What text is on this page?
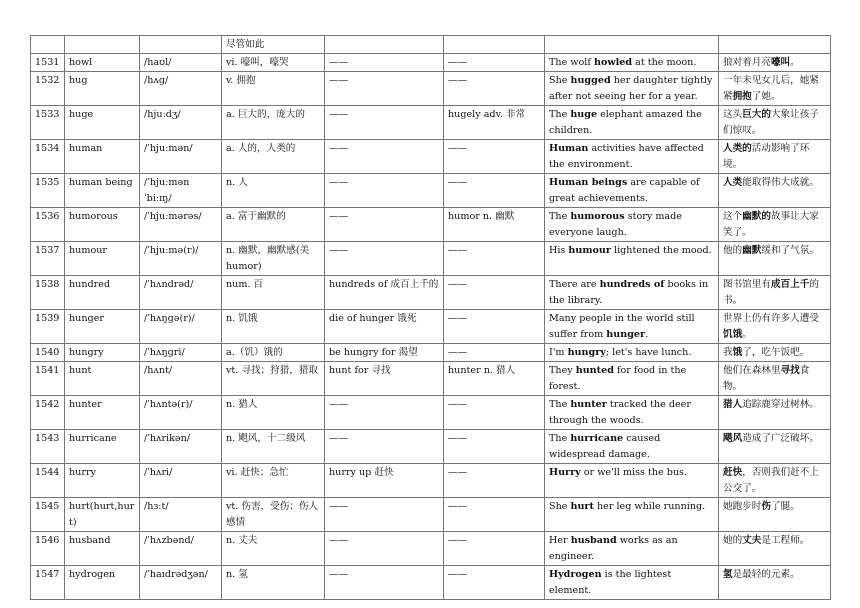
			尽管如此				
1531	howl	/haʊl/	vi. 嚎叫，嚎哭	——	——	The wolf howled at the moon.	狼对着月亮嚎叫。
1532	hug	/hʌɡ/	v. 拥抱	——	——	She hugged her daughter tightly after not seeing her for a year.	一年未见女儿后，她紧紧拥抱了她。
1533	huge	/hjuːdʒ/	a. 巨大的，庞大的	——	hugely adv. 非常	The huge elephant amazed the children.	这头巨大的大象让孩子们惊叹。
1534	human	/ˈhjuːmən/	a. 人的，人类的	——	——	Human activities have affected the environment.	人类的活动影响了环境。
1535	human being	/ˈhjuːmən ˈbiːɪŋ/	n. 人	——	——	Human beings are capable of great achievements.	人类能取得伟大成就。
1536	humorous	/ˈhjuːmərəs/	a. 富于幽默的	——	humor n. 幽默	The humorous story made everyone laugh.	这个幽默的故事让大家笑了。
1537	humour	/ˈhjuːmə(r)/	n. 幽默，幽默感(美 humor)	——	——	His humour lightened the mood.	他的幽默缓和了气氛。
1538	hundred	/ˈhʌndrəd/	num. 百	hundreds of 成百上千的	——	There are hundreds of books in the library.	图书馆里有成百上千的书。
1539	hunger	/ˈhʌŋɡə(r)/	n. 饥饿	die of hunger 饿死	——	Many people in the world still suffer from hunger.	世界上仍有许多人遭受饥饿。
1540	hungry	/ˈhʌŋɡri/	a.（饥）饿的	be hungry for 渴望	——	I'm hungry; let's have lunch.	我饿了，吃午饭吧。
1541	hunt	/hʌnt/	vt. 寻找；狩猎，猎取	hunt for 寻找	hunter n. 猎人	They hunted for food in the forest.	他们在森林里寻找食物。
1542	hunter	/ˈhʌntə(r)/	n. 猎人	——	——	The hunter tracked the deer through the woods.	猎人追踪鹿穿过树林。
1543	hurricane	/ˈhʌrikən/	n. 飓风，十二级风	——	——	The hurricane caused widespread damage.	飓风造成了广泛破坏。
1544	hurry	/ˈhʌri/	vi. 赶快；急忙	hurry up 赶快	——	Hurry or we'll miss the bus.	赶快，否则我们赶不上公交了。
1545	hurt(hurt,hurt)	/hɜːt/	vt. 伤害，受伤；伤人感情	——	——	She hurt her leg while running.	她跑步时伤了腿。
1546	husband	/ˈhʌzbənd/	n. 丈夫	——	——	Her husband works as an engineer.	她的丈夫是工程师。
1547	hydrogen	/ˈhaɪdrədʒən/	n. 氢	——	——	Hydrogen is the lightest element.	氢是最轻的元素。
